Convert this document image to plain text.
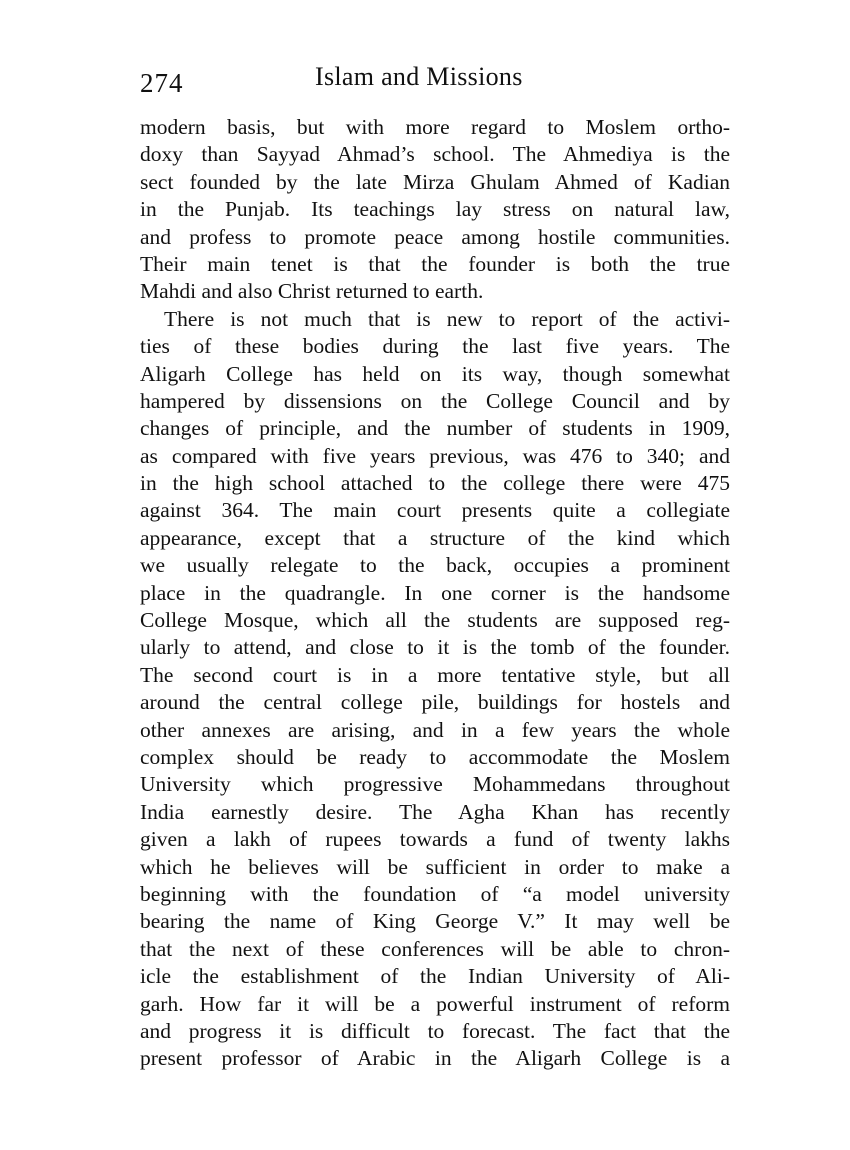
274	Islam and Missions
modern basis, but with more regard to Moslem ortho-
doxy than Sayyad Ahmad’s school. The Ahmediya is the
sect founded by the late Mirza Ghulam Ahmed of Kadian
in the Punjab. Its teachings lay stress on natural law,
and profess to promote peace among hostile communities.
Their main tenet is that the founder is both the true
Mahdi and also Christ returned to earth.
There is not much that is new to report of the activi-
ties of these bodies during the last five years. The
Aligarh College has held on its way, though somewhat
hampered by dissensions on the College Council and by
changes of principle, and the number of students in 1909,
as compared with five years previous, was 476 to 340; and
in the high school attached to the college there were 475
against 364. The main court presents quite a collegiate
appearance, except that a structure of the kind which
we usually relegate to the back, occupies a prominent
place in the quadrangle. In one corner is the handsome
College Mosque, which all the students are supposed reg-
ularly to attend, and close to it is the tomb of the founder.
The second court is in a more tentative style, but all
around the central college pile, buildings for hostels and
other annexes are arising, and in a few years the whole
complex should be ready to accommodate the Moslem
University which progressive Mohammedans throughout
India earnestly desire. The Agha Khan has recently
given a lakh of rupees towards a fund of twenty lakhs
which he believes will be sufficient in order to make a
beginning with the foundation of “a model university
bearing the name of King George V.” It may well be
that the next of these conferences will be able to chron-
icle the establishment of the Indian University of Ali-
garh. How far it will be a powerful instrument of reform
and progress it is difficult to forecast. The fact that the
present professor of Arabic in the Aligarh College is a
